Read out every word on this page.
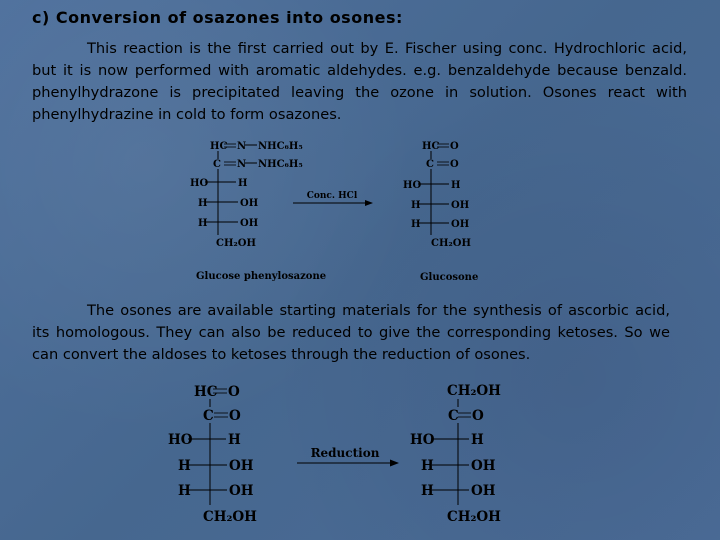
c) Conversion of osazones into osones:
This reaction is the first carried out by E. Fischer using conc. Hydrochloric acid, but it is now performed with aromatic aldehydes. e.g. benzaldehyde because benzald. phenylhydrazone is precipitated leaving the ozone in solution. Osones react with phenylhydrazine in cold to form osazones.
HC N NHC₆H₅
C N NHC₆H₅
HO	H
H	OH
H	OH
CH₂OH
Glucose phenylosazone
Conc. HCl
HC O
C O
HO	H
H	OH
H	OH
CH₂OH
Glucosone
The osones are available starting materials for the synthesis of ascorbic acid, its homologous. They can also be reduced to give the corresponding ketoses. So we can convert the aldoses to ketoses through the reduction of osones.
HC O
C O
HO	H
H	OH
H	OH
CH₂OH
Reduction
CH₂OH
C O
HO	H
H	OH
H	OH
CH₂OH
